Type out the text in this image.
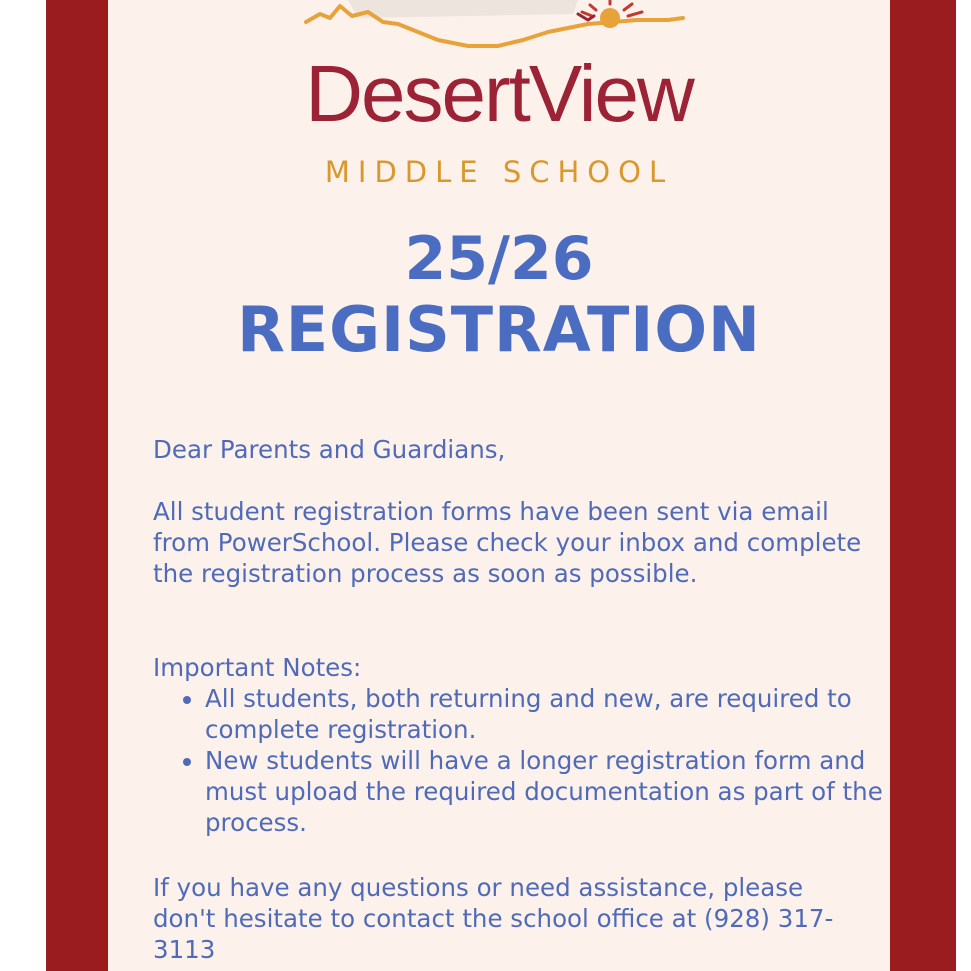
DesertView
MIDDLE SCHOOL
25/26
REGISTRATION
Dear Parents and Guardians,
All student registration forms have been sent via email from PowerSchool. Please check your inbox and complete the registration process as soon as possible.
Important Notes:
• All students, both returning and new, are required to complete registration.
• New students will have a longer registration form and must upload the required documentation as part of the process.
If you have any questions or need assistance, please don't hesitate to contact the school office at (928) 317-3113
